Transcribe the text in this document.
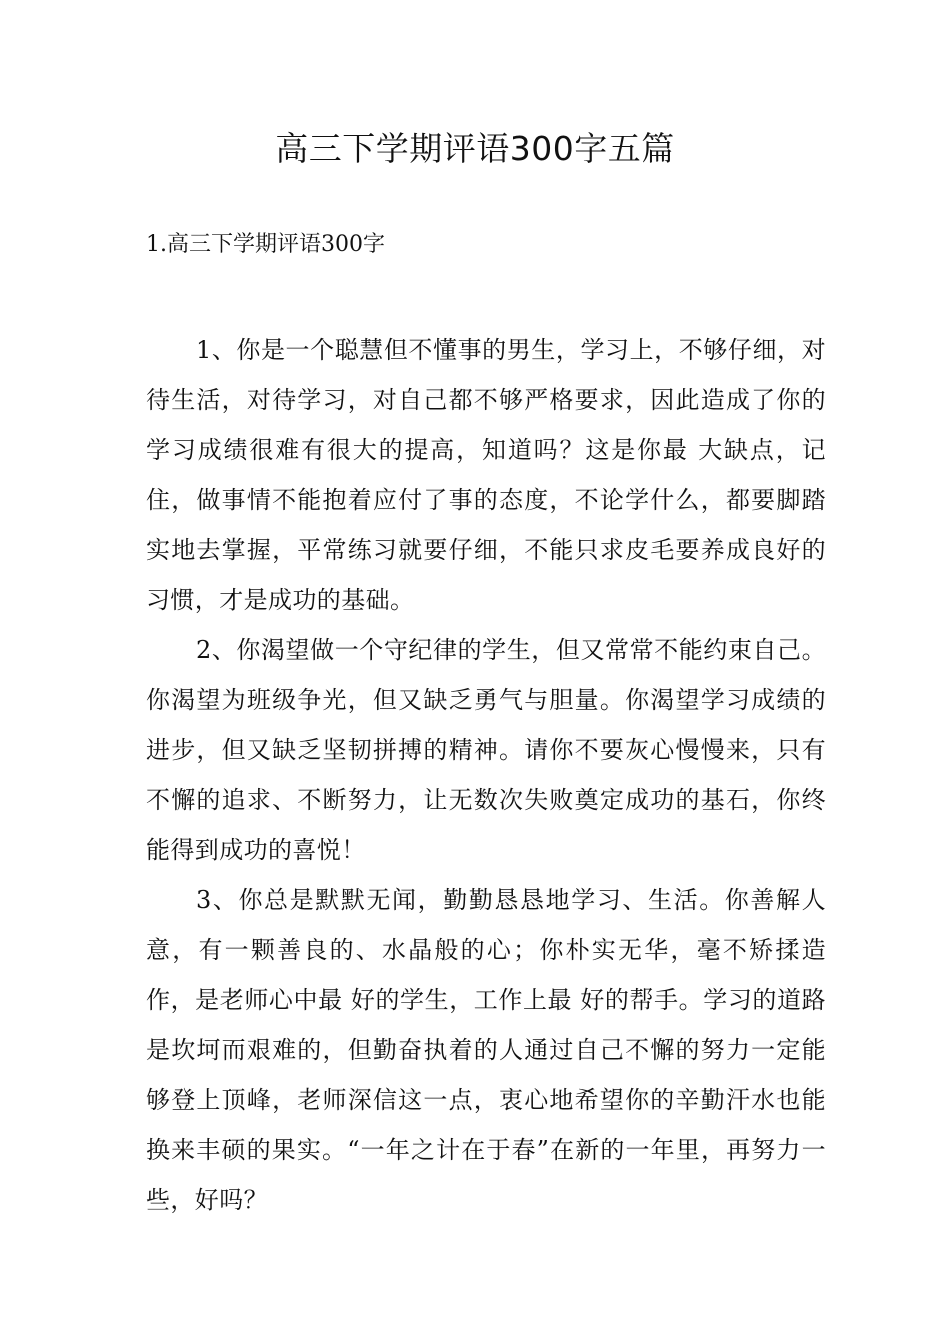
高三下学期评语300字五篇
1.高三下学期评语300字

1、你是一个聪慧但不懂事的男生，学习上，不够仔细，对待生活，对待学习，对自己都不够严格要求，因此造成了你的学习成绩很难有很大的提高，知道吗？这是你最 大缺点，记住，做事情不能抱着应付了事的态度，不论学什么，都要脚踏实地去掌握，平常练习就要仔细，不能只求皮毛要养成良好的习惯，才是成功的基础。

2、你渴望做一个守纪律的学生，但又常常不能约束自己。你渴望为班级争光，但又缺乏勇气与胆量。你渴望学习成绩的进步，但又缺乏坚韧拼搏的精神。请你不要灰心慢慢来，只有不懈的追求、不断努力，让无数次失败奠定成功的基石，你终能得到成功的喜悦！

3、你总是默默无闻，勤勤恳恳地学习、生活。你善解人意，有一颗善良的、水晶般的心；你朴实无华，毫不矫揉造作，是老师心中最 好的学生，工作上最 好的帮手。学习的道路是坎坷而艰难的，但勤奋执着的人通过自己不懈的努力一定能够登上顶峰，老师深信这一点，衷心地希望你的辛勤汗水也能换来丰硕的果实。“一年之计在于春”在新的一年里，再努力一些，好吗？
